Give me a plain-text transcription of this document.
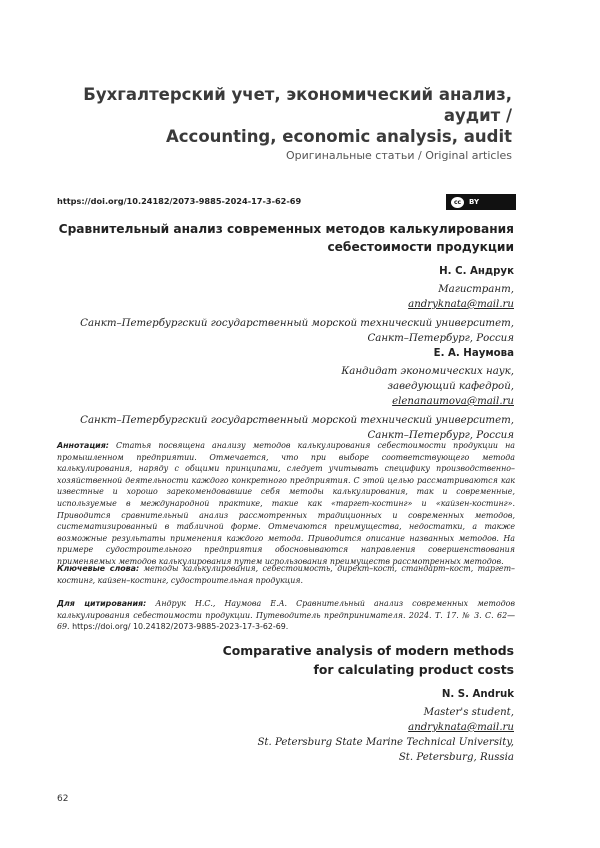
Бухгалтерский учет, экономический анализ, аудит /
Accounting, economic analysis, audit
Оригинальные статьи / Original articles
https://doi.org/10.24182/2073-9885-2024-17-3-62-69	cc	BY
Сравнительный анализ современных методов калькулирования
себестоимости продукции
Н. С. Андрук
Магистрант,
andryknata@mail.ru
Санкт–Петербургский государственный морской технический университет,
Санкт–Петербург, Россия
Е. А. Наумова
Кандидат экономических наук,
заведующий кафедрой,
elenanaumova@mail.ru
Санкт–Петербургский государственный морской технический университет,
Санкт–Петербург, Россия
Аннотация: Статья посвящена анализу методов калькулирования себестоимости продукции на промышленном предприятии. Отмечается, что при выборе соответствующего метода калькулирования, наряду с общими принципами, следует учитывать специфику производственно–хозяйственной деятельности каждого конкретного предприятия. С этой целью рассматриваются как известные и хорошо зарекомендовавшие себя методы калькулирования, так и современные, используемые в международной практике, такие как «таргет-костинг» и «кайзен-костинг». Приводится сравнительный анализ рассмотренных традиционных и современных методов, систематизированный в табличной форме. Отмечаются преимущества, недостатки, а также возможные результаты применения каждого метода. Приводится описание названных методов. На примере судостроительного предприятия обосновываются направления совершенствования применяемых методов калькулирования путем использования преимуществ рассмотренных методов.
Ключевые слова: методы калькулирования, себестоимость, директ–кост, стандарт–кост, таргет–костинг, кайзен–костинг, судостроительная продукция.
Для цитирования: Андрук Н.С., Наумова Е.А. Сравнительный анализ современных методов калькулирования себестоимости продукции. Путеводитель предпринимателя. 2024. Т. 17. № 3. С. 62—69. https://doi.org/ 10.24182/2073-9885-2023-17-3-62-69.
Comparative analysis of modern methods
for calculating product costs
N. S. Andruk
Master's student,
andryknata@mail.ru
St. Petersburg State Marine Technical University,
St. Petersburg, Russia
62
